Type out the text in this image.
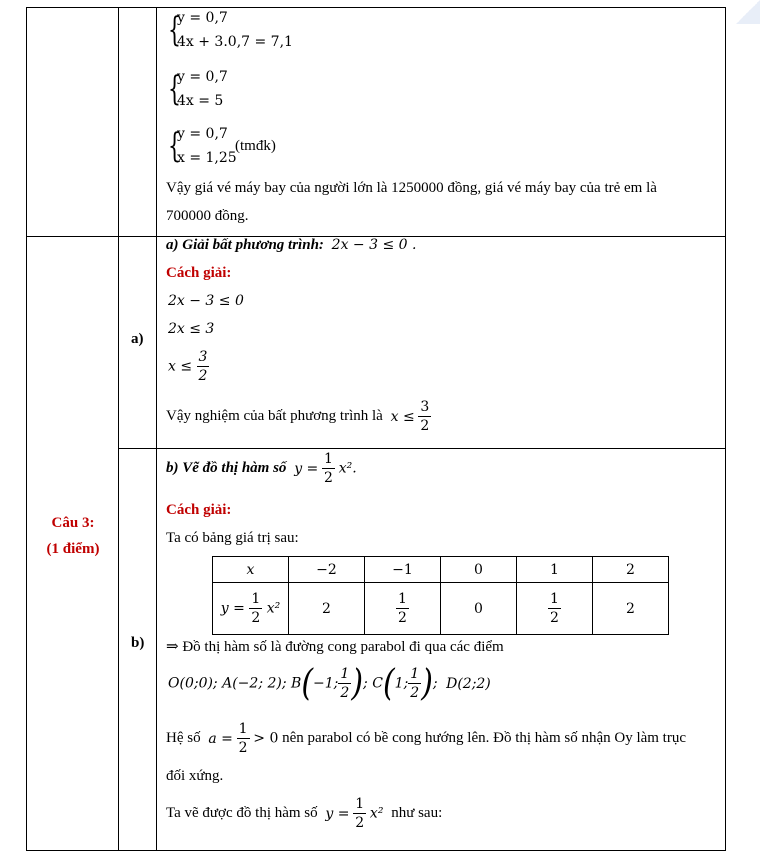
{
y = 0,7
4x + 3.0,7 = 7,1
{
y = 0,7
4x = 5
{
y = 0,7
x = 1,25
(tmđk)
Vậy giá vé máy bay của người lớn là 1250000 đồng, giá vé máy bay của trẻ em là
700000 đồng.
Câu 3:
(1 điểm)
a)
a) Giải bất phương trình: 2x − 3 ≤ 0 .
Cách giải:
2x − 3 ≤ 0
2x ≤ 3
$x \le \frac{3}{2}$
Vậy nghiệm của bất phương trình là $x \le \frac{3}{2}$
b)
b) Vẽ đồ thị hàm số $y = \frac{1}{2} x^2$.
Cách giải:
Ta có bảng giá trị sau:
x	−2	−1	0	1	2
$y = \frac{1}{2} x^2$	2	$\frac{1}{2}$	0	$\frac{1}{2}$	2
⇒ Đồ thị hàm số là đường cong parabol đi qua các điểm
O(0;0); A(−2; 2); B(−1; $\frac{1}{2}$ ); C(1; $\frac{1}{2}$ ); D(2;2)
Hệ số $a = \frac{1}{2} > 0$ nên parabol có bề cong hướng lên. Đồ thị hàm số nhận Oy làm trục
đối xứng.
Ta vẽ được đồ thị hàm số $y = \frac{1}{2} x^2$ như sau:
